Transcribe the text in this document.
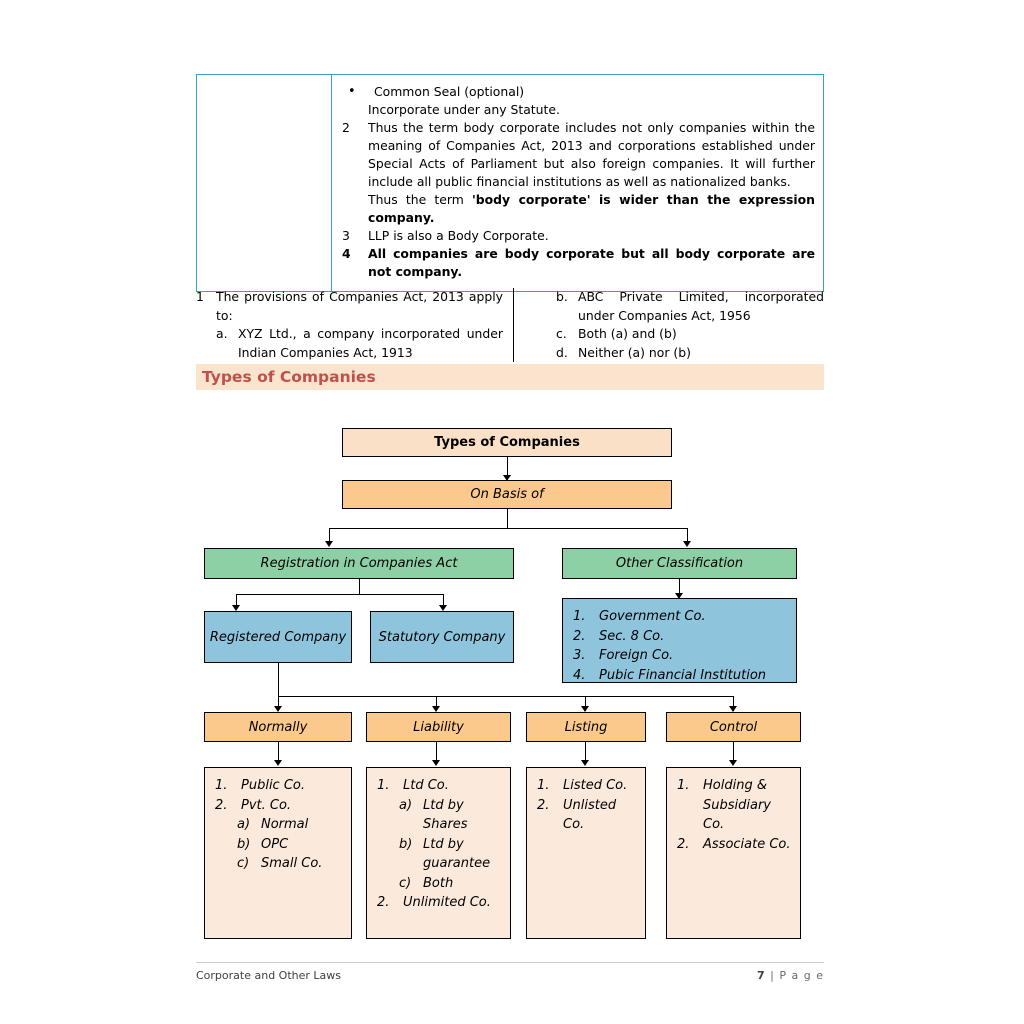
•	Common Seal (optional)
Incorporate under any Statute.
2	Thus the term body corporate includes not only companies within the meaning of Companies Act, 2013 and corporations established under Special Acts of Parliament but also foreign companies. It will further include all public financial institutions as well as nationalized banks.
Thus the term 'body corporate' is wider than the expression company.
3	LLP is also a Body Corporate.
4	All companies are body corporate but all body corporate are not company.
1 The provisions of Companies Act, 2013 apply to:
a. XYZ Ltd., a company incorporated under Indian Companies Act, 1913
b. ABC Private Limited, incorporated under Companies Act, 1956
c. Both (a) and (b)
d. Neither (a) nor (b)
Types of Companies
Types of Companies
On Basis of
Registration in Companies Act	Other Classification
Registered Company Statutory Company
1.	Government Co.
2.	Sec. 8 Co.
3.	Foreign Co.
4.	Pubic Financial Institution
Normally	Liability	Listing	Control
1.	Public Co.
2.	Pvt. Co.
a) Normal
b) OPC
c) Small Co.
1.	Ltd Co.
a) Ltd by Shares
b) Ltd by guarantee
c) Both
2.	Unlimited Co.
1.	Listed Co.
2.	Unlisted Co.
1.	Holding & Subsidiary Co.
2.	Associate Co.
Corporate and Other Laws	7 | P a g e
